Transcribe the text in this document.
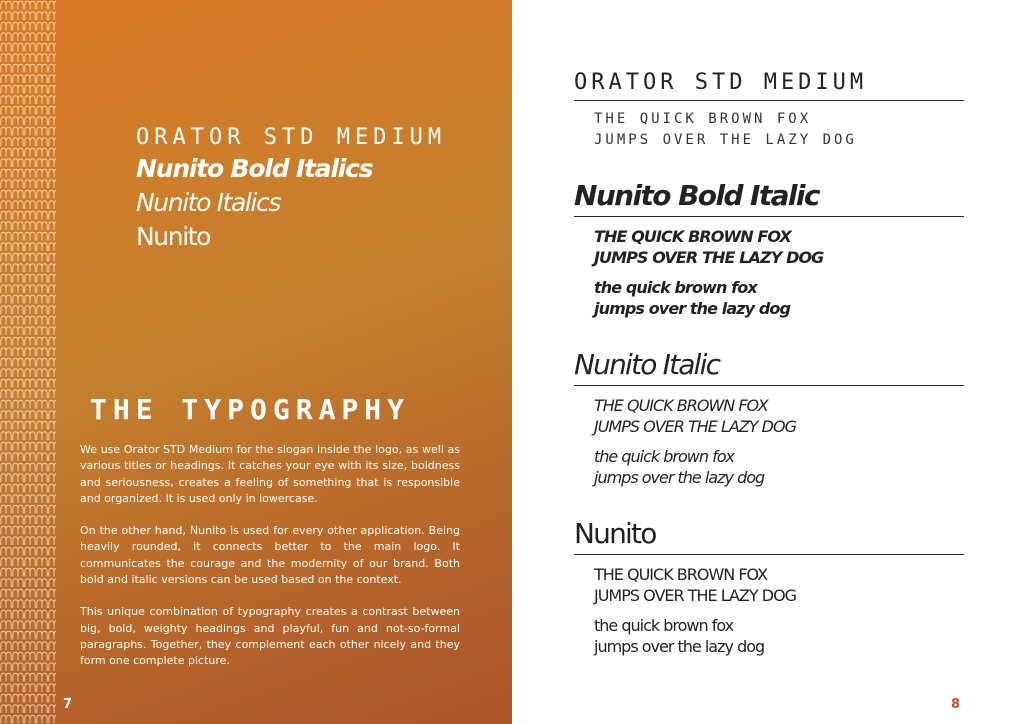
ORATOR STD MEDIUM

Nunito Bold Italics

Nunito Italics

Nunito

THE TYPOGRAPHY

We use Orator STD Medium for the slogan inside the logo, as well as various titles or headings. It catches your eye with its size, boldness and seriousness, creates a feeling of something that is responsible and organized. It is used only in lowercase.

On the other hand, Nunito is used for every other application. Being heavily rounded, it connects better to the main logo. It communicates the courage and the modernity of our brand. Both bold and italic versions can be used based on the context.

This unique combination of typography creates a contrast between big, bold, weighty headings and playful, fun and not-so-formal paragraphs. Together, they complement each other nicely and they form one complete picture.

7
ORATOR STD MEDIUM

THE QUICK BROWN FOX

JUMPS OVER THE LAZY DOG

Nunito Bold Italic

THE QUICK BROWN FOX

JUMPS OVER THE LAZY DOG

the quick brown fox

jumps over the lazy dog

Nunito Italic

THE QUICK BROWN FOX

JUMPS OVER THE LAZY DOG

the quick brown fox

jumps over the lazy dog

Nunito

THE QUICK BROWN FOX

JUMPS OVER THE LAZY DOG

the quick brown fox

jumps over the lazy dog

8
